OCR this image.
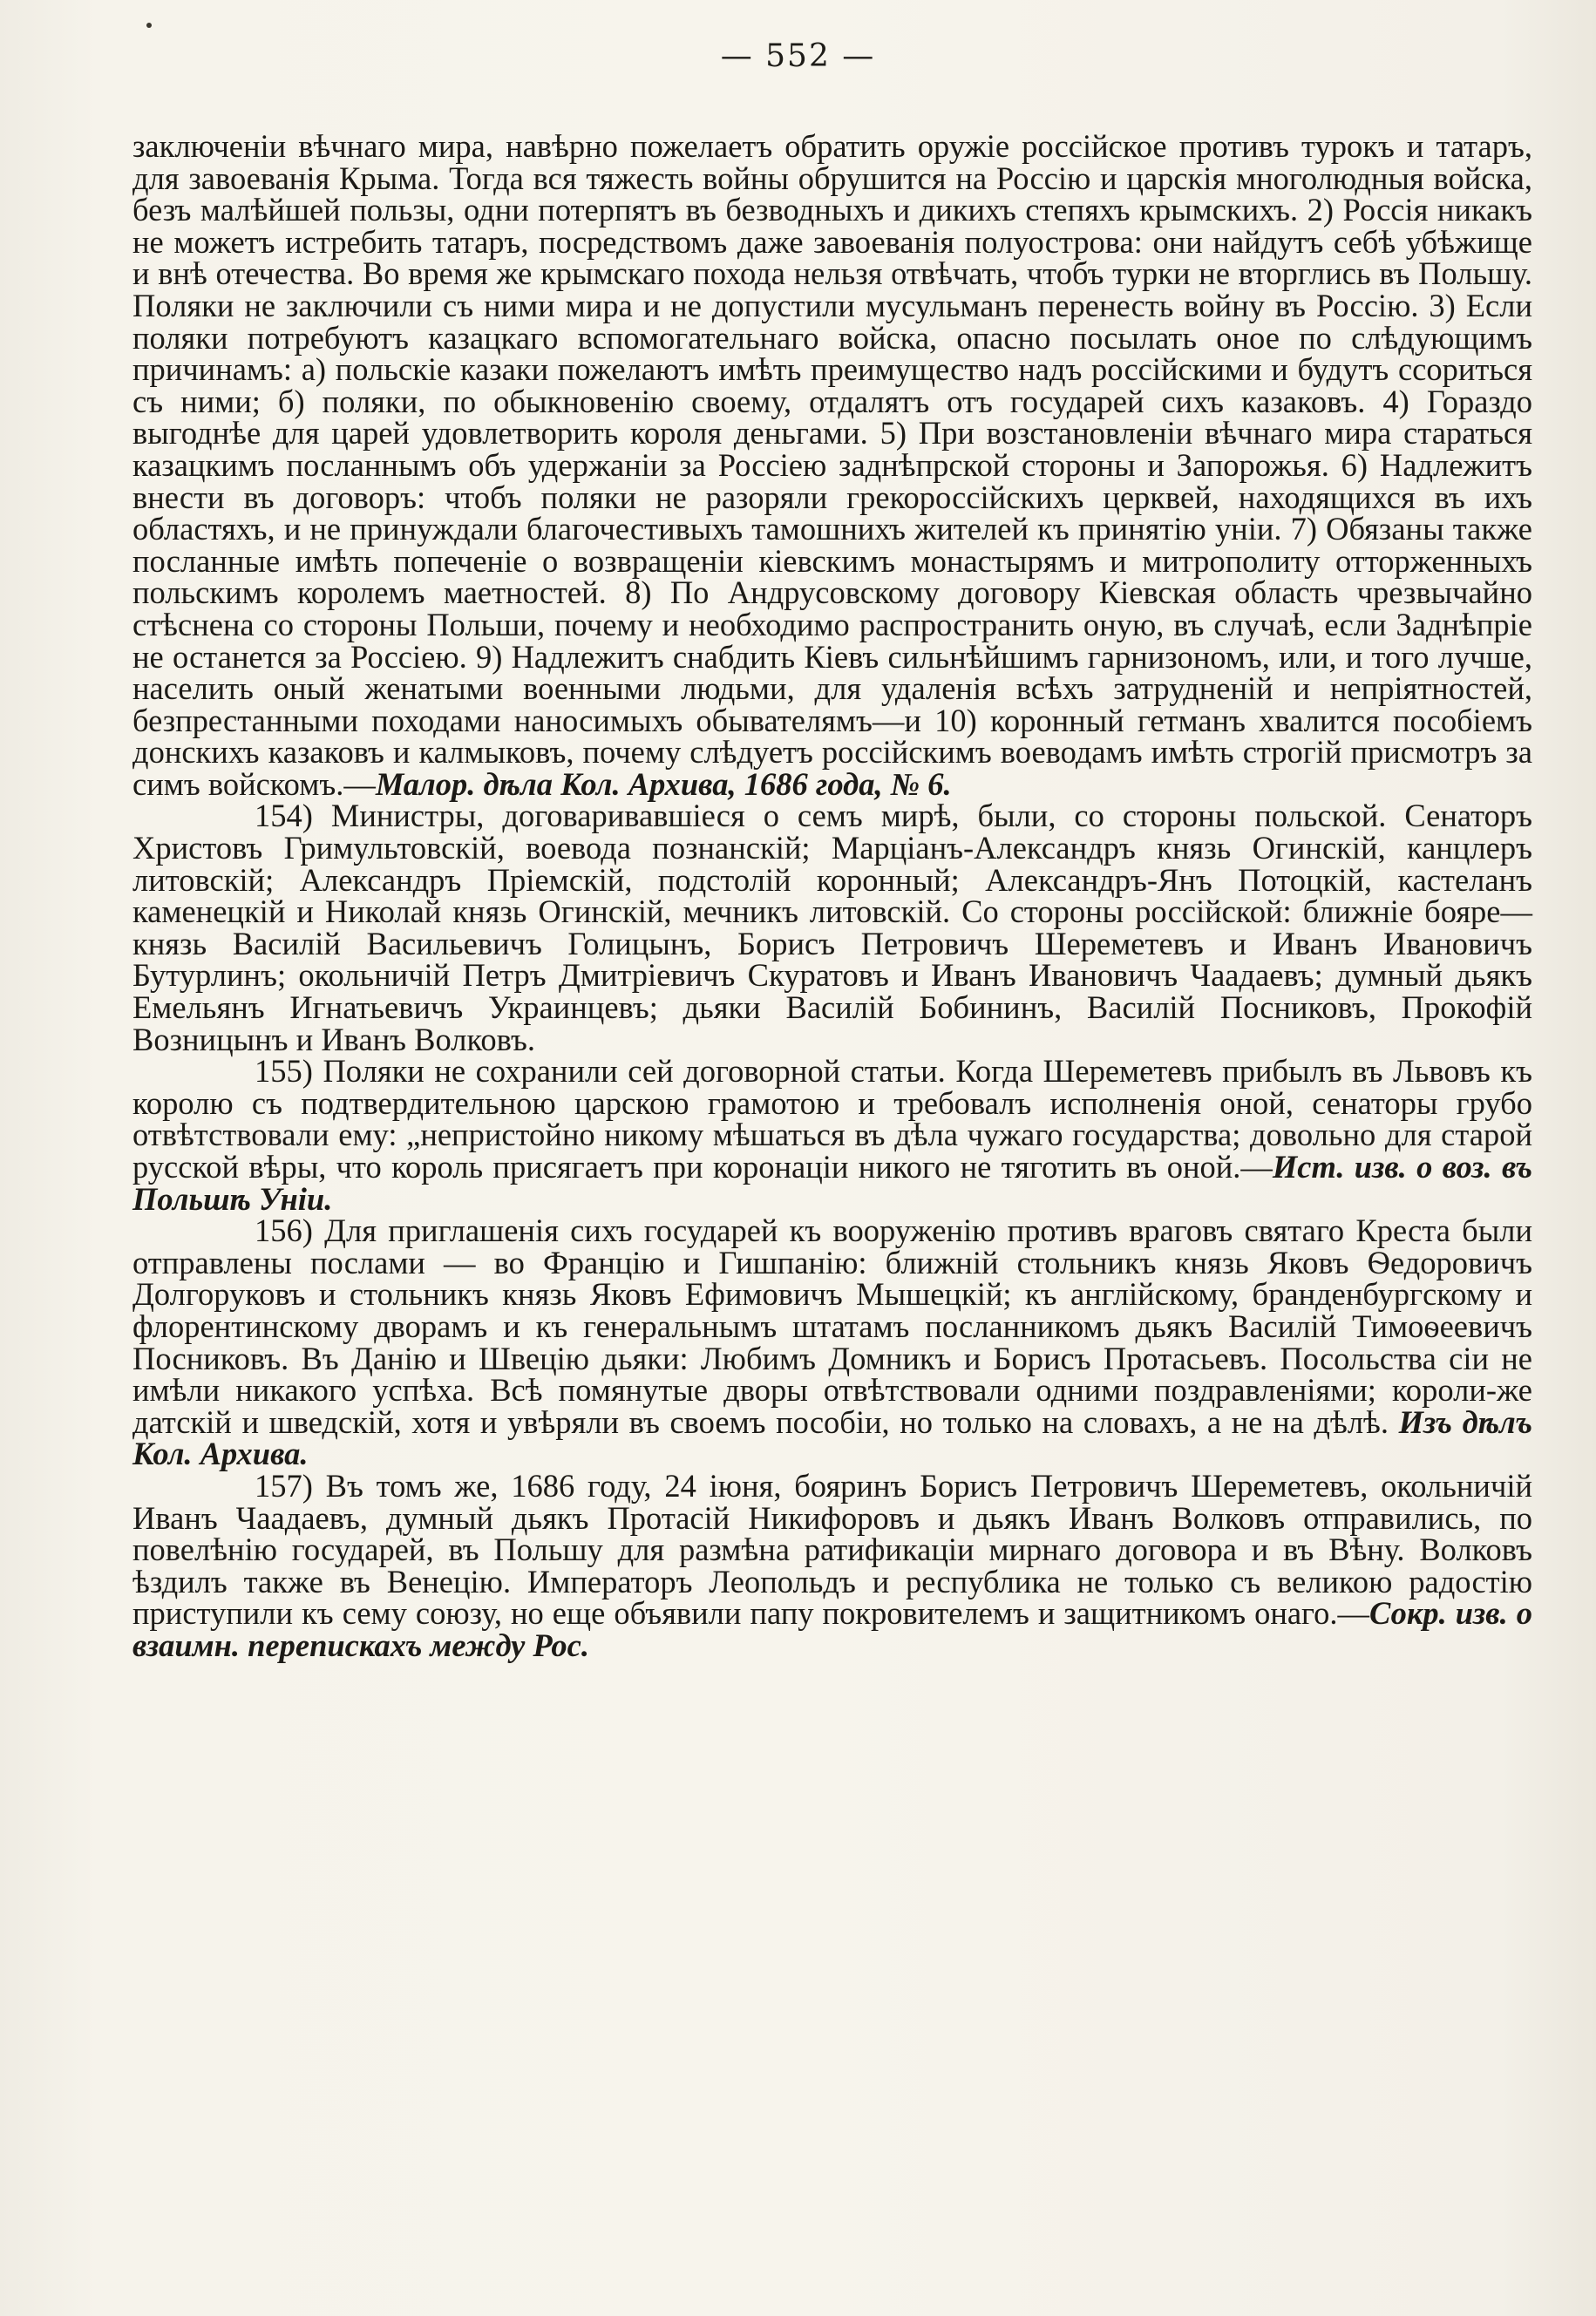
— 552 —

заключеніи вѣчнаго мира, навѣрно пожелаетъ обратить оружіе россійское противъ турокъ и татаръ, для завоеванія Крыма. Тогда вся тяжесть войны обрушится на Россію и царскія многолюдныя войска, безъ малѣйшей пользы, одни потерпятъ въ безводныхъ и дикихъ степяхъ крымскихъ. 2) Россія никакъ не можетъ истребить татаръ, посредствомъ даже завоеванія полуострова: они найдутъ себѣ убѣжище и внѣ отечества. Во время же крымскаго похода нельзя отвѣчать, чтобъ турки не вторглись въ Польшу. Поляки не заключили съ ними мира и не допустили мусульманъ перенесть войну въ Россію. 3) Если поляки потребуютъ казацкаго вспомогательнаго войска, опасно посылать оное по слѣдующимъ причинамъ: а) польскіе казаки пожелаютъ имѣть преимущество надъ россійскими и будутъ ссориться съ ними; б) поляки, по обыкновенію своему, отдалятъ отъ государей сихъ казаковъ. 4) Гораздо выгоднѣе для царей удовлетворить короля деньгами. 5) При возстановленіи вѣчнаго мира стараться казацкимъ посланнымъ объ удержаніи за Россіею заднѣпрской стороны и Запорожья. 6) Надлежитъ внести въ договоръ: чтобъ поляки не разоряли грекороссійскихъ церквей, находящихся въ ихъ областяхъ, и не принуждали благочестивыхъ тамошнихъ жителей къ принятію уніи. 7) Обязаны также посланные имѣть попеченіе о возвращеніи кіевскимъ монастырямъ и митрополиту отторженныхъ польскимъ королемъ маетностей. 8) По Андрусовскому договору Кіевская область чрезвычайно стѣснена со стороны Польши, почему и необходимо распространить оную, въ случаѣ, если Заднѣпріе не останется за Россіею. 9) Надлежитъ снабдить Кіевъ сильнѣйшимъ гарнизономъ, или, и того лучше, населить оный женатыми военными людьми, для удаленія всѣхъ затрудненій и непріятностей, безпрестанными походами наносимыхъ обывателямъ—и 10) коронный гетманъ хвалится пособіемъ донскихъ казаковъ и калмыковъ, почему слѣдуетъ россійскимъ воеводамъ имѣть строгій присмотръ за симъ войскомъ.—Малор. дѣла Кол. Архива, 1686 года, № 6.

154) Министры, договаривавшіеся о семъ мирѣ, были, со стороны польской. Сенаторъ Христовъ Гримультовскій, воевода познанскій; Марціанъ-Александръ князь Огинскій, канцлеръ литовскій; Александръ Пріемскій, подстолій коронный; Александръ-Янъ Потоцкій, кастеланъ каменецкій и Николай князь Огинскій, мечникъ литовскій. Со стороны россійской: ближніе бояре—князь Василій Васильевичъ Голицынъ, Борисъ Петровичъ Шереметевъ и Иванъ Ивановичъ Бутурлинъ; окольничій Петръ Дмитріевичъ Скуратовъ и Иванъ Ивановичъ Чаадаевъ; думный дьякъ Емельянъ Игнатьевичъ Украинцевъ; дьяки Василій Бобининъ, Василій Посниковъ, Прокофій Возницынъ и Иванъ Волковъ.

155) Поляки не сохранили сей договорной статьи. Когда Шереметевъ прибылъ въ Львовъ къ королю съ подтвердительною царскою грамотою и требовалъ исполненія оной, сенаторы грубо отвѣтствовали ему: „непристойно никому мѣшаться въ дѣла чужаго государства; довольно для старой русской вѣры, что король присягаетъ при коронаціи никого не тяготить въ оной.—Ист. изв. о воз. въ Польшѣ Уніи.

156) Для приглашенія сихъ государей къ вооруженію противъ враговъ святаго Креста были отправлены послами — во Францію и Гишпанію: ближній стольникъ князь Яковъ Ѳедоровичъ Долгоруковъ и стольникъ князь Яковъ Ефимовичъ Мышецкій; къ англійскому, бранденбургскому и флорентинскому дворамъ и къ генеральнымъ штатамъ посланникомъ дьякъ Василій Тимоѳеевичъ Посниковъ. Въ Данію и Швецію дьяки: Любимъ Домникъ и Борисъ Протасьевъ. Посольства сіи не имѣли никакого успѣха. Всѣ помянутые дворы отвѣтствовали одними поздравленіями; короли-же датскій и шведскій, хотя и увѣряли въ своемъ пособіи, но только на словахъ, а не на дѣлѣ. Изъ дѣлъ Кол. Архива.

157) Въ томъ же, 1686 году, 24 іюня, бояринъ Борисъ Петровичъ Шереметевъ, окольничій Иванъ Чаадаевъ, думный дьякъ Протасій Никифоровъ и дьякъ Иванъ Волковъ отправились, по повелѣнію государей, въ Польшу для размѣна ратификаціи мирнаго договора и въ Вѣну. Волковъ ѣздилъ также въ Венецію. Императоръ Леопольдъ и республика не только съ великою радостію приступили къ сему союзу, но еще объявили папу покровителемъ и защитникомъ онаго.—Сокр. изв. о взаимн. перепискахъ между Рос.
